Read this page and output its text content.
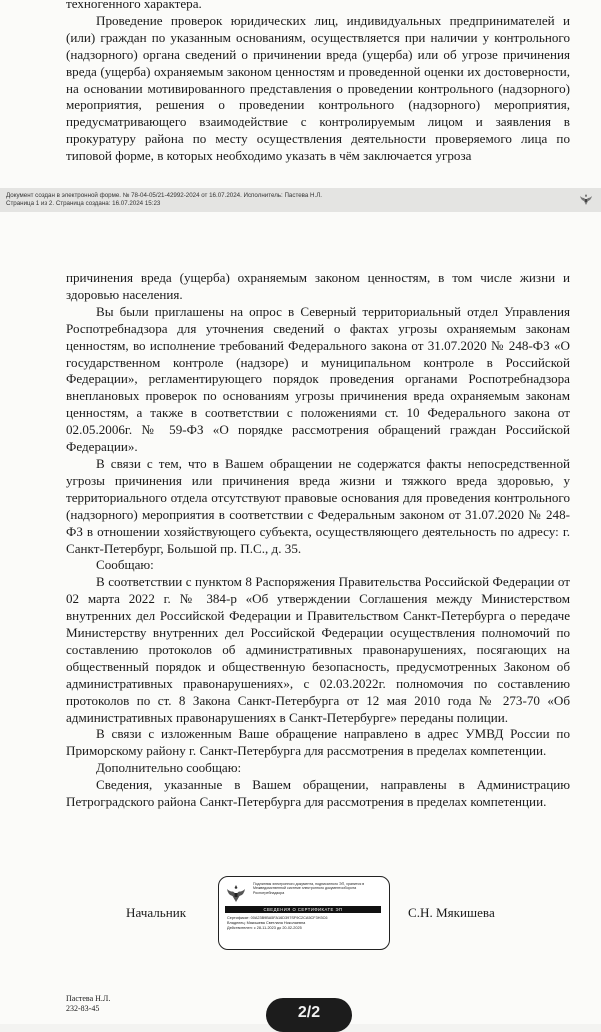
техногенного характера.

Проведение проверок юридических лиц, индивидуальных предпринимателей и (или) граждан по указанным основаниям, осуществляется при наличии у контрольного (надзорного) органа сведений о причинении вреда (ущерба) или об угрозе причинения вреда (ущерба) охраняемым законом ценностям и проведенной оценки их достоверности, на основании мотивированного представления о проведении контрольного (надзорного) мероприятия, решения о проведении контрольного (надзорного) мероприятия, предусматривающего взаимодействие с контролируемым лицом и заявления в прокуратуру района по месту осуществления деятельности проверяемого лица по типовой форме, в которых необходимо указать в чём заключается угроза

Документ создан в электронной форме. № 78-04-05/21-42992-2024 от 16.07.2024. Исполнитель: Пастева Н.Л.
Страница 1 из 2. Страница создана: 16.07.2024 15:23

причинения вреда (ущерба) охраняемым законом ценностям, в том числе жизни и здоровью населения.

Вы были приглашены на опрос в Северный территориальный отдел Управления Роспотребнадзора для уточнения сведений о фактах угрозы охраняемым законам ценностям, во исполнение требований Федерального закона от 31.07.2020 № 248-ФЗ «О государственном контроле (надзоре) и муниципальном контроле в Российской Федерации», регламентирующего порядок проведения органами Роспотребнадзора внеплановых проверок по основаниям угрозы причинения вреда охраняемым законам ценностям, а также в соответствии с положениями ст. 10 Федерального закона от 02.05.2006г. № 59-ФЗ «О порядке рассмотрения обращений граждан Российской Федерации».

В связи с тем, что в Вашем обращении не содержатся факты непосредственной угрозы причинения или причинения вреда жизни и тяжкого вреда здоровью, у территориального отдела отсутствуют правовые основания для проведения контрольного (надзорного) мероприятия в соответствии с Федеральным законом от 31.07.2020 № 248-ФЗ в отношении хозяйствующего субъекта, осуществляющего деятельность по адресу: г. Санкт-Петербург, Большой пр. П.С., д. 35.

Сообщаю:

В соответствии с пунктом 8 Распоряжения Правительства Российской Федерации от 02 марта 2022 г. № 384-р «Об утверждении Соглашения между Министерством внутренних дел Российской Федерации и Правительством Санкт-Петербурга о передаче Министерству внутренних дел Российской Федерации осуществления полномочий по составлению протоколов об административных правонарушениях, посягающих на общественный порядок и общественную безопасность, предусмотренных Законом об административных правонарушениях», с 02.03.2022г. полномочия по составлению протоколов по ст. 8 Закона Санкт-Петербурга от 12 мая 2010 года № 273-70 «Об административных правонарушениях в Санкт-Петербурге» переданы полиции.

В связи с изложенным Ваше обращение направлено в адрес УМВД России по Приморскому району г. Санкт-Петербурга для рассмотрения в пределах компетенции.

Дополнительно сообщаю:

Сведения, указанные в Вашем обращении, направлены в Администрацию Петроградского района Санкт-Петербурга для рассмотрения в пределах компетенции.

Начальник
Подлинник электронного документа, подписанного ЭП, хранится в Межведомственной системе электронного документооборота Роспотребнадзора
СВЕДЕНИЯ О СЕРТИФИКАТЕ ЭП
Сертификат: 00A23B9BA5FA16D397SF9C2CA5CF3H3C6
Владелец: Мякишева Светлана Николаевна
Действителен: с 28-11-2023 до 20-02-2025
С.Н. Мякишева
Пастева Н.Л.
232-83-45	2/2
